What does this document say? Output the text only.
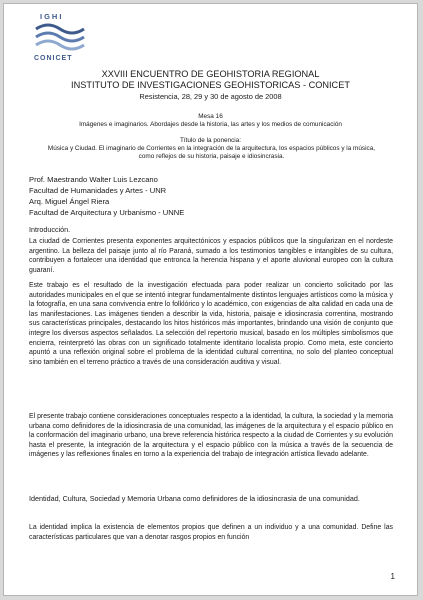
IGHI
CONICET
XXVIII ENCUENTRO DE GEOHISTORIA REGIONAL
INSTITUTO DE INVESTIGACIONES GEOHISTORICAS - CONICET
Resistencia, 28, 29 y 30 de agosto de 2008
Mesa 16
Imágenes e imaginarios. Abordajes desde la historia, las artes y los medios de comunicación
Título de la ponencia:
Música y Ciudad. El imaginario de Corrientes en la integración de la arquitectura, los espacios públicos y la música, como reflejos de su historia, paisaje e idiosincrasia.
Prof. Maestrando Walter Luis Lezcano
Facultad de Humanidades y Artes - UNR
Arq. Miguel Ángel Riera
Facultad de Arquitectura y Urbanismo - UNNE
Introducción.

La ciudad de Corrientes presenta exponentes arquitectónicos y espacios públicos que la singularizan en el nordeste argentino. La belleza del paisaje junto al río Paraná, sumado a los testimonios tangibles e intangibles de su cultura, contribuyen a fortalecer una identidad que entronca la herencia hispana y el aporte aluvional europeo con la cultura guaraní.

Este trabajo es el resultado de la investigación efectuada para poder realizar un concierto solicitado por las autoridades municipales en el que se intentó integrar fundamentalmente distintos lenguajes artísticos como la música y la fotografía, en una sana convivencia entre lo folklórico y lo académico, con exigencias de alta calidad en cada una de las manifestaciones. Las imágenes tienden a describir la vida, historia, paisaje e idiosincrasia correntina, mostrando sus características principales, destacando los hitos históricos más importantes, brindando una visión de conjunto que integre los diversos aspectos señalados. La selección del repertorio musical, basado en los múltiples simbolismos que encierra, reinterpretó las obras con un significado totalmente identitario localista propio. Como meta, este concierto apuntó a una reflexión original sobre el problema de la identidad cultural correntina, no solo del planteo conceptual sino también en el terreno práctico a través de una consideración auditiva y visual.

El presente trabajo contiene consideraciones conceptuales respecto a la identidad, la cultura, la sociedad y la memoria urbana como definidores de la idiosincrasia de una comunidad, las imágenes de la arquitectura y el espacio público en la conformación del imaginario urbano, una breve referencia histórica respecto a la ciudad de Corrientes y su evolución hasta el presente, la integración de la arquitectura y el espacio público con la música a través de la secuencia de imágenes y las reflexiones finales en torno a la experiencia del trabajo de integración artística llevado adelante.

Identidad, Cultura, Sociedad y Memoria Urbana como definidores de la idiosincrasia de una comunidad.

La identidad implica la existencia de elementos propios que definen a un individuo y a una comunidad. Define las características particulares que van a denotar rasgos propios en función

1
